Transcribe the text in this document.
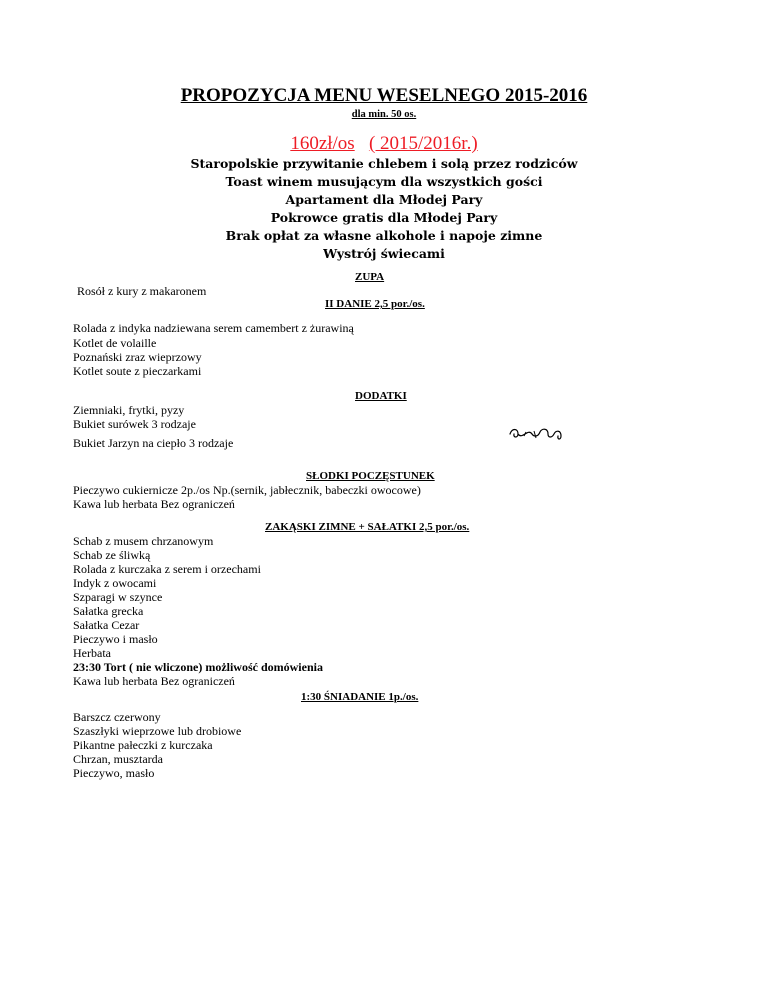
PROPOZYCJA MENU WESELNEGO 2015-2016
dla min. 50 os.
160zł/os ( 2015/2016r.)
Staropolskie przywitanie chlebem i solą przez rodziców
Toast winem musującym dla wszystkich gości
Apartament dla Młodej Pary
Pokrowce gratis dla Młodej Pary
Brak opłat za własne alkohole i napoje zimne
Wystrój świecami
ZUPA
Rosół z kury z makaronem
II DANIE 2,5 por./os.
Rolada z indyka nadziewana serem camembert z żurawiną
Kotlet de volaille
Poznański zraz wieprzowy
Kotlet soute z pieczarkami
DODATKI
Ziemniaki, frytki, pyzy
Bukiet surówek 3 rodzaje
Bukiet Jarzyn na ciepło 3 rodzaje
SŁODKI POCZĘSTUNEK
Pieczywo cukiernicze 2p./os Np.(sernik, jabłecznik, babeczki owocowe)
Kawa lub herbata Bez ograniczeń
ZAKĄSKI ZIMNE + SAŁATKI 2,5 por./os.
Schab z musem chrzanowym
Schab ze śliwką
Rolada z kurczaka z serem i orzechami
Indyk z owocami
Szparagi w szynce
Sałatka grecka
Sałatka Cezar
Pieczywo i masło
Herbata
23:30 Tort ( nie wliczone) możliwość domówienia
Kawa lub herbata Bez ograniczeń
1:30 ŚNIADANIE 1p./os.
Barszcz czerwony
Szaszłyki wieprzowe lub drobiowe
Pikantne pałeczki z kurczaka
Chrzan, musztarda
Pieczywo, masło
